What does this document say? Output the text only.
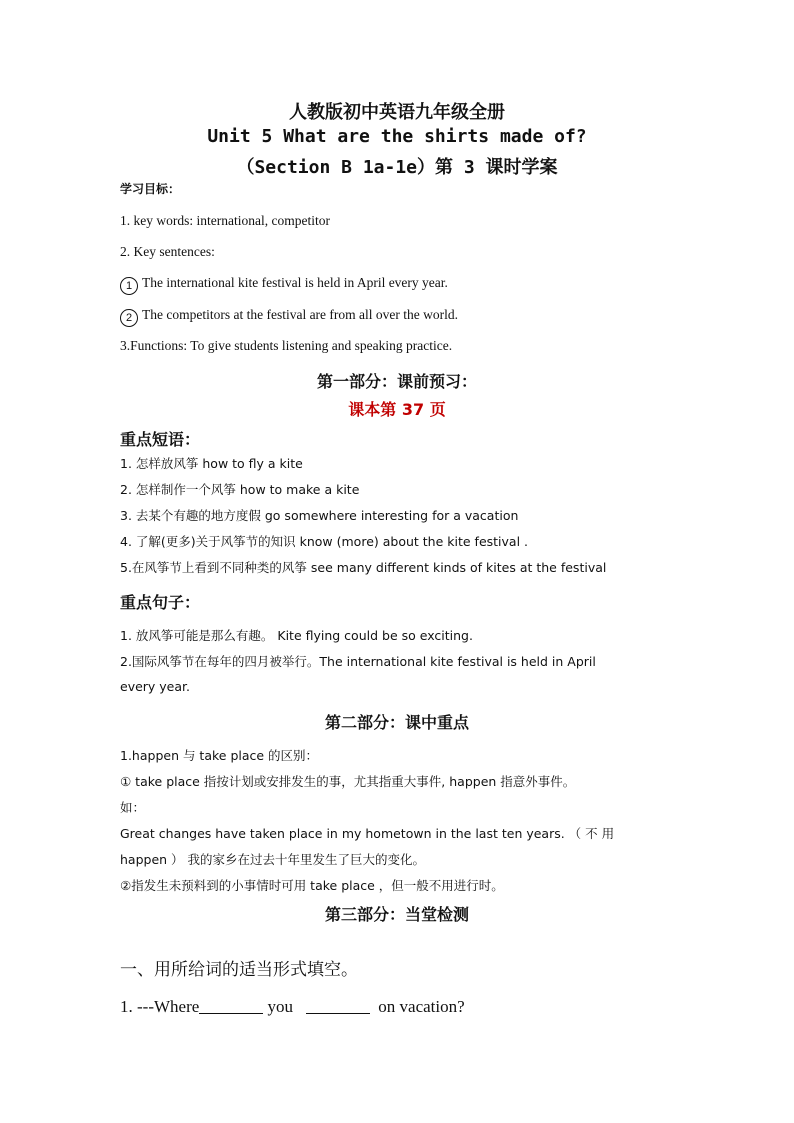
人教版初中英语九年级全册
Unit 5 What are the shirts made of?
（Section B 1a-1e）第 3 课时学案
学习目标：
1. key words: international, competitor
2. Key sentences:
1 The international kite festival is held in April every year.
2 The competitors at the festival are from all over the world.
3.Functions: To give students listening and speaking practice.
第一部分：课前预习：
课本第 37 页
重点短语：
1. 怎样放风筝 how to fly a kite
2. 怎样制作一个风筝 how to make a kite
3. 去某个有趣的地方度假 go somewhere interesting for a vacation
4. 了解(更多)关于风筝节的知识 know (more) about the kite festival .
5.在风筝节上看到不同种类的风筝 see many different kinds of kites at the festival
重点句子：
1. 放风筝可能是那么有趣。 Kite flying could be so exciting.
2.国际风筝节在每年的四月被举行。The international kite festival is held in April
every year.
第二部分：课中重点
1.happen 与 take place 的区别：
① take place 指按计划或安排发生的事，尤其指重大事件, happen 指意外事件。
如：
Great changes have taken place in my hometown in the last ten years. （ 不 用
happen ） 我的家乡在过去十年里发生了巨大的变化。
②指发生未预料到的小事情时可用 take place ，但一般不用进行时。
第三部分：当堂检测
一、用所给词的适当形式填空。
1. ---Where	you	on vacation?
